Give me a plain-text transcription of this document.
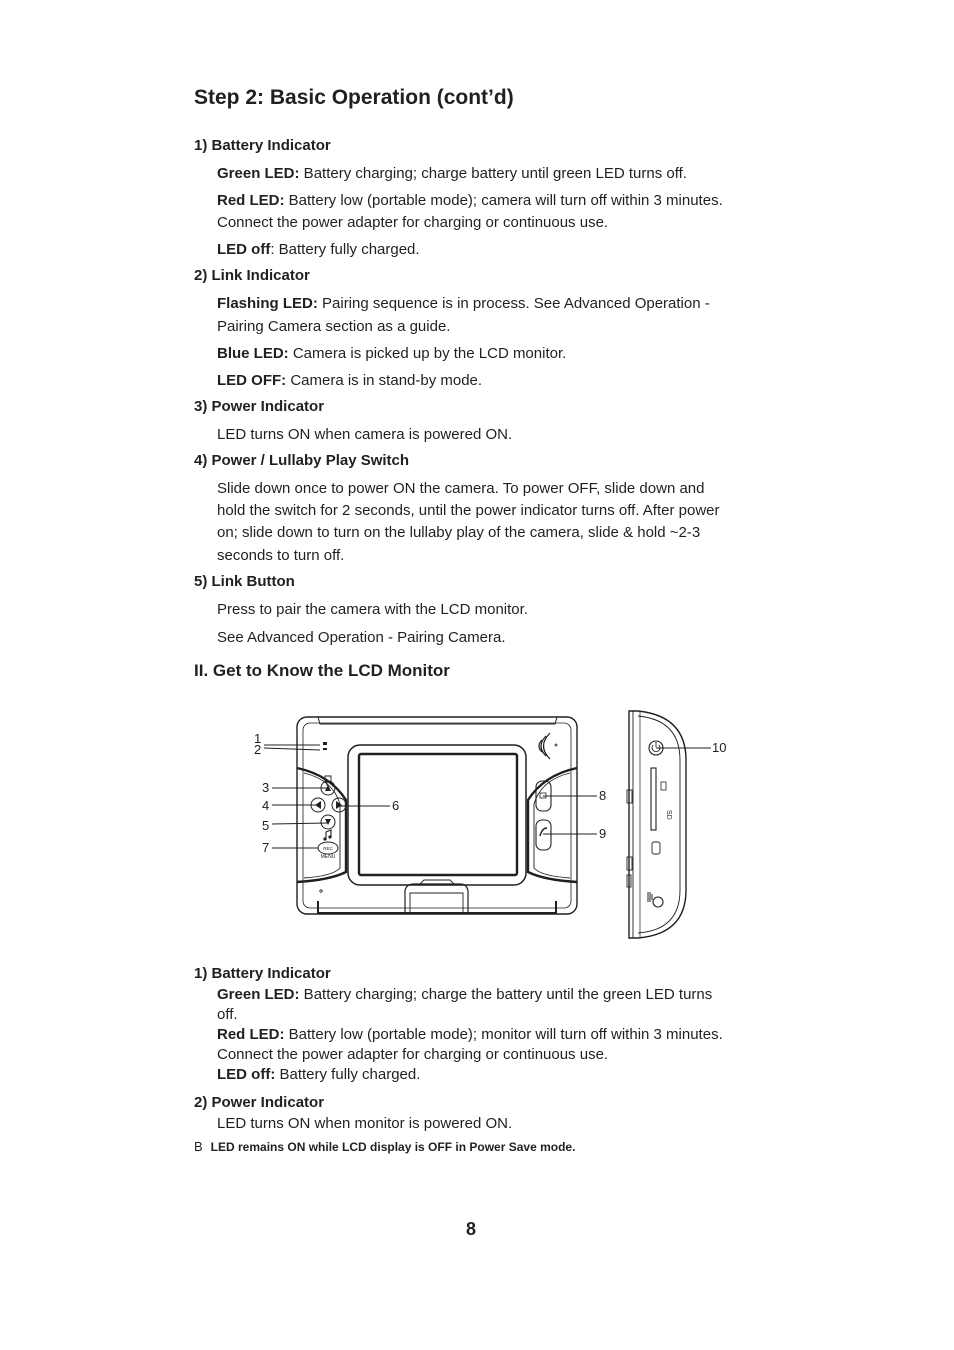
Step 2: Basic Operation (cont’d)
1) Battery Indicator
Green LED: Battery charging; charge battery until green LED turns off.
Red LED: Battery low (portable mode); camera will turn off within 3 minutes.
Connect the power adapter for charging or continuous use.
LED off: Battery fully charged.
2) Link Indicator
Flashing LED: Pairing sequence is in process. See Advanced Operation -
Pairing Camera section as a guide.
Blue LED: Camera is picked up by the LCD monitor.
LED OFF: Camera is in stand-by mode.
3) Power Indicator
LED turns ON when camera is powered ON.
4) Power / Lullaby Play Switch
Slide down once to power ON the camera. To power OFF, slide down and
hold the switch for 2 seconds, until the power indicator turns off. After power
on; slide down to turn on the lullaby play of the camera, slide & hold ~2-3
seconds to turn off.
5) Link Button
Press to pair the camera with the LCD monitor.
See Advanced Operation - Pairing Camera.
II. Get to Know the LCD Monitor
REC
MENU
SD
1
2
3
4
5
6
7
8
9
10
1) Battery Indicator
Green LED: Battery charging; charge the battery until the green LED turns
off.
Red LED: Battery low (portable mode); monitor will turn off within 3 minutes.
Connect the power adapter for charging or continuous use.
LED off: Battery fully charged.
2) Power Indicator
LED turns ON when monitor is powered ON.
B LED remains ON while LCD display is OFF in Power Save mode.
8
